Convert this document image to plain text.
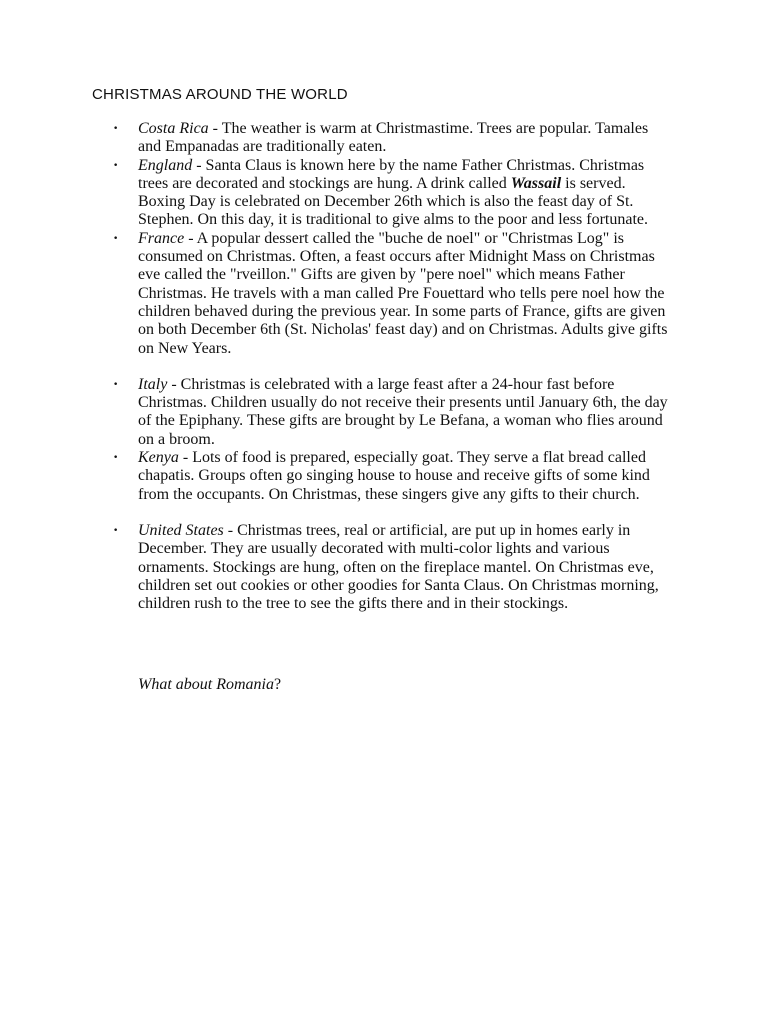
CHRISTMAS AROUND THE WORLD
• Costa Rica - The weather is warm at Christmastime. Trees are popular. Tamales and Empanadas are traditionally eaten.
• England - Santa Claus is known here by the name Father Christmas. Christmas trees are decorated and stockings are hung. A drink called Wassail is served. Boxing Day is celebrated on December 26th which is also the feast day of St. Stephen. On this day, it is traditional to give alms to the poor and less fortunate.
• France - A popular dessert called the "buche de noel" or "Christmas Log" is consumed on Christmas. Often, a feast occurs after Midnight Mass on Christmas eve called the "rveillon." Gifts are given by "pere noel" which means Father Christmas. He travels with a man called Pre Fouettard who tells pere noel how the children behaved during the previous year. In some parts of France, gifts are given on both December 6th (St. Nicholas' feast day) and on Christmas. Adults give gifts on New Years.
• Italy - Christmas is celebrated with a large feast after a 24-hour fast before Christmas. Children usually do not receive their presents until January 6th, the day of the Epiphany. These gifts are brought by Le Befana, a woman who flies around on a broom.
• Kenya - Lots of food is prepared, especially goat. They serve a flat bread called chapatis. Groups often go singing house to house and receive gifts of some kind from the occupants. On Christmas, these singers give any gifts to their church.
• United States - Christmas trees, real or artificial, are put up in homes early in December. They are usually decorated with multi-color lights and various ornaments. Stockings are hung, often on the fireplace mantel. On Christmas eve, children set out cookies or other goodies for Santa Claus. On Christmas morning, children rush to the tree to see the gifts there and in their stockings.

What about Romania?
